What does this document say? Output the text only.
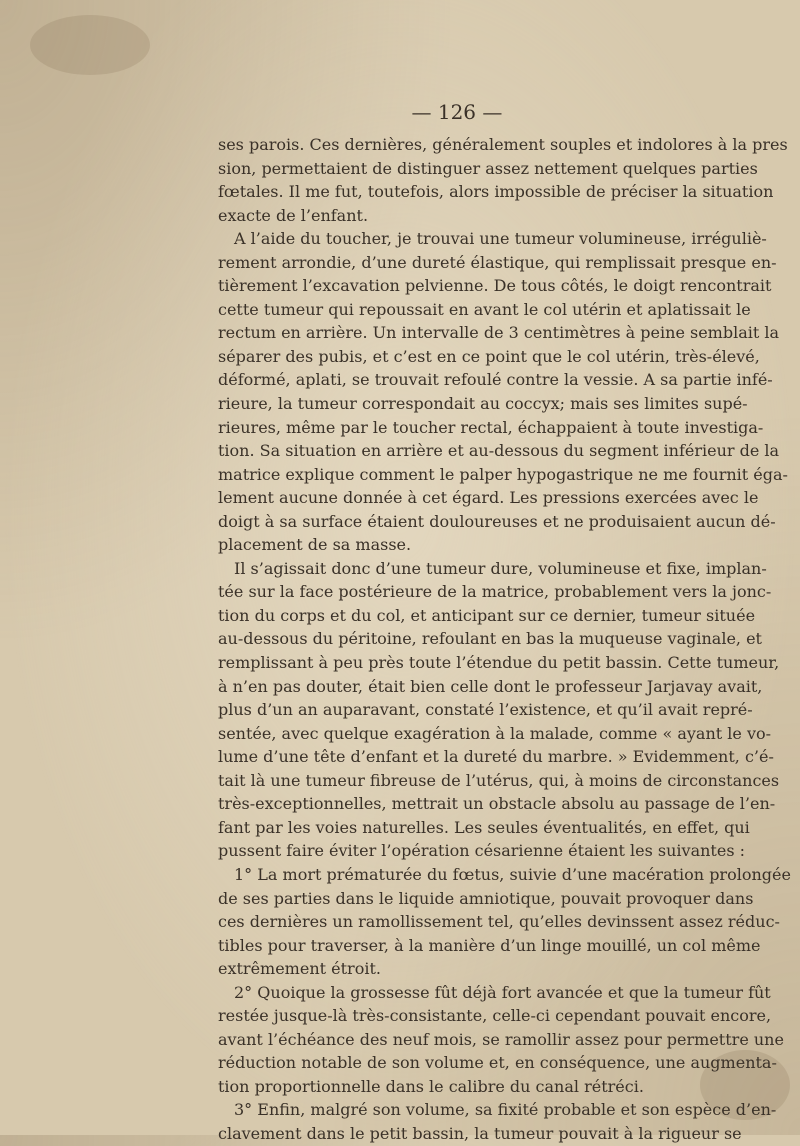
— 126 —
ses parois. Ces dernières, généralement souples et indolores à la pres
sion, permettaient de distinguer assez nettement quelques parties
fœtales. Il me fut, toutefois, alors impossible de préciser la situation
exacte de l’enfant.
A l’aide du toucher, je trouvai une tumeur volumineuse, irréguliè-
rement arrondie, d’une dureté élastique, qui remplissait presque en-
tièrement l’excavation pelvienne. De tous côtés, le doigt rencontrait
cette tumeur qui repoussait en avant le col utérin et aplatissait le
rectum en arrière. Un intervalle de 3 centimètres à peine semblait la
séparer des pubis, et c’est en ce point que le col utérin, très-élevé,
déformé, aplati, se trouvait refoulé contre la vessie. A sa partie infé-
rieure, la tumeur correspondait au coccyx; mais ses limites supé-
rieures, même par le toucher rectal, échappaient à toute investiga-
tion. Sa situation en arrière et au-dessous du segment inférieur de la
matrice explique comment le palper hypogastrique ne me fournit éga-
lement aucune donnée à cet égard. Les pressions exercées avec le
doigt à sa surface étaient douloureuses et ne produisaient aucun dé-
placement de sa masse.
Il s’agissait donc d’une tumeur dure, volumineuse et fixe, implan-
tée sur la face postérieure de la matrice, probablement vers la jonc-
tion du corps et du col, et anticipant sur ce dernier, tumeur située
au-dessous du péritoine, refoulant en bas la muqueuse vaginale, et
remplissant à peu près toute l’étendue du petit bassin. Cette tumeur,
à n’en pas douter, était bien celle dont le professeur Jarjavay avait,
plus d’un an auparavant, constaté l’existence, et qu’il avait repré-
sentée, avec quelque exagération à la malade, comme « ayant le vo-
lume d’une tête d’enfant et la dureté du marbre. » Evidemment, c’é-
tait là une tumeur fibreuse de l’utérus, qui, à moins de circonstances
très-exceptionnelles, mettrait un obstacle absolu au passage de l’en-
fant par les voies naturelles. Les seules éventualités, en effet, qui
pussent faire éviter l’opération césarienne étaient les suivantes :
1° La mort prématurée du fœtus, suivie d’une macération prolongée
de ses parties dans le liquide amniotique, pouvait provoquer dans
ces dernières un ramollissement tel, qu’elles devinssent assez réduc-
tibles pour traverser, à la manière d’un linge mouillé, un col même
extrêmement étroit.
2° Quoique la grossesse fût déjà fort avancée et que la tumeur fût
restée jusque-là très-consistante, celle-ci cependant pouvait encore,
avant l’échéance des neuf mois, se ramollir assez pour permettre une
réduction notable de son volume et, en conséquence, une augmenta-
tion proportionnelle dans le calibre du canal rétréci.
3° Enfin, malgré son volume, sa fixité probable et son espèce d’en-
clavement dans le petit bassin, la tumeur pouvait à la rigueur se
